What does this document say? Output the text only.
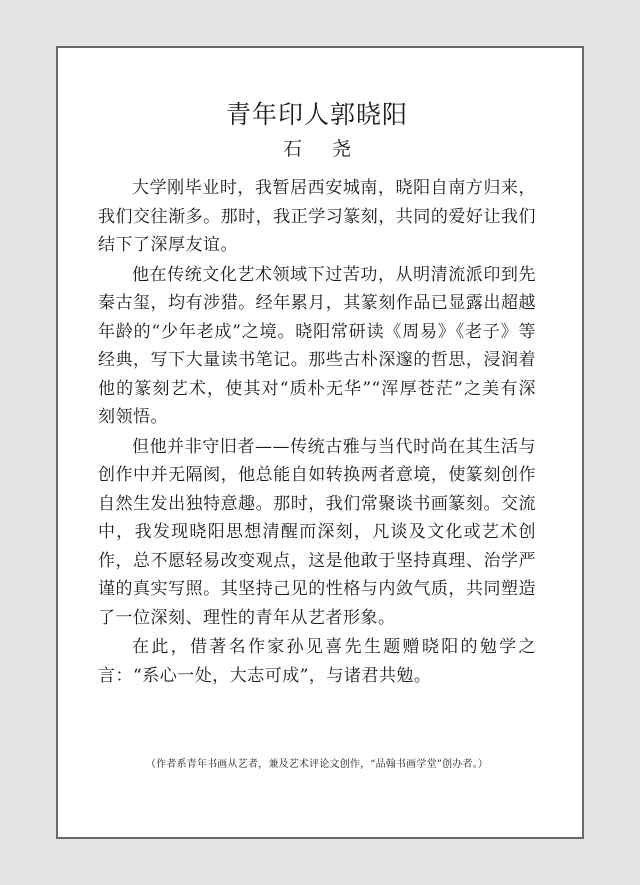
青年印人郭晓阳
石 尧

大学刚毕业时，我暂居西安城南，晓阳自南方归来，我们交往渐多。那时，我正学习篆刻，共同的爱好让我们结下了深厚友谊。

他在传统文化艺术领域下过苦功，从明清流派印到先秦古玺，均有涉猎。经年累月，其篆刻作品已显露出超越年龄的“少年老成”之境。晓阳常研读《周易》《老子》等经典，写下大量读书笔记。那些古朴深邃的哲思，浸润着他的篆刻艺术，使其对“质朴无华”“浑厚苍茫”之美有深刻领悟。

但他并非守旧者——传统古雅与当代时尚在其生活与创作中并无隔阂，他总能自如转换两者意境，使篆刻创作自然生发出独特意趣。那时，我们常聚谈书画篆刻。交流中，我发现晓阳思想清醒而深刻，凡谈及文化或艺术创作，总不愿轻易改变观点，这是他敢于坚持真理、治学严谨的真实写照。其坚持己见的性格与内敛气质，共同塑造了一位深刻、理性的青年从艺者形象。

在此，借著名作家孙见喜先生题赠晓阳的勉学之言：“系心一处，大志可成”，与诸君共勉。

（作者系青年书画从艺者，兼及艺术评论文创作，“品翰书画学堂”创办者。）
